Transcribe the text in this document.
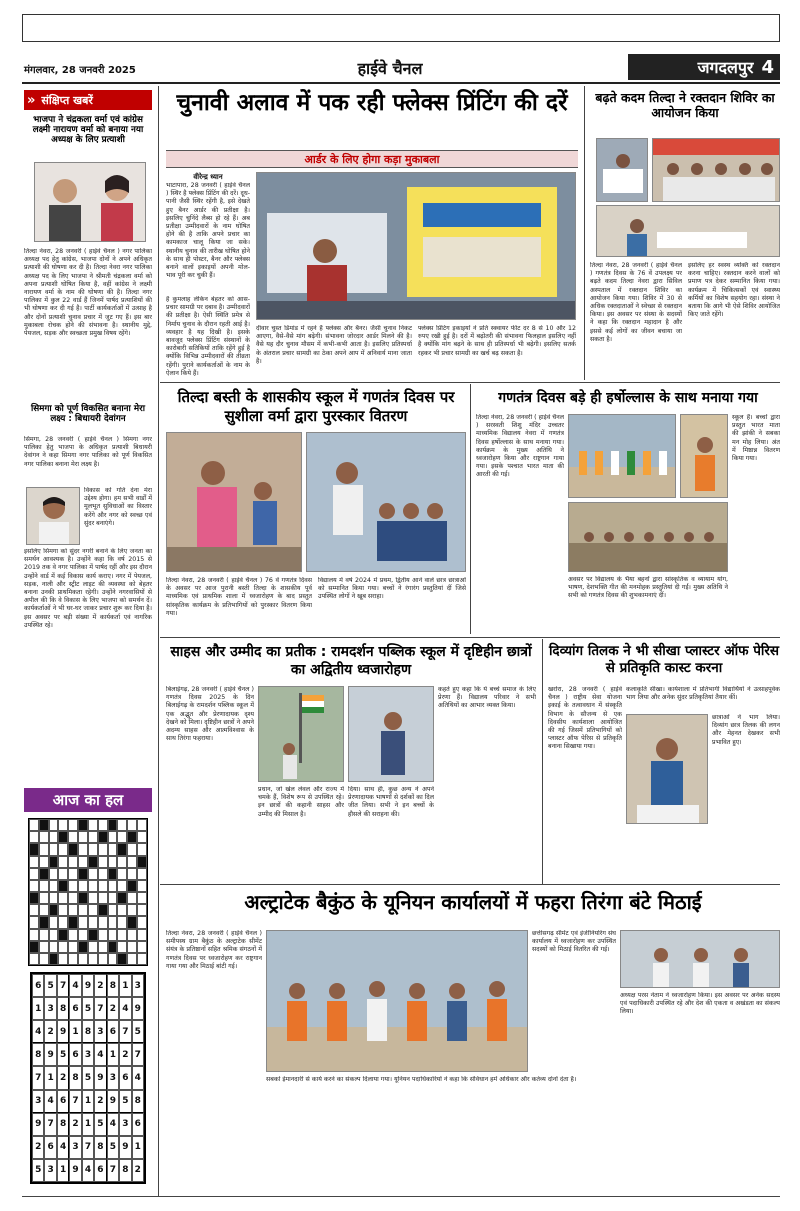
मंगलवार, 28 जनवरी 2025	हाईवे चैनल	जगदलपुर 4
» संक्षिप्त खबरें
भाजपा ने चंद्रकला वर्मा एवं कांग्रेस लक्ष्मी नारायण वर्मा को बनाया नया अध्यक्ष के लिए प्रत्याशी
तिल्दा नेवरा, 28 जनवरी ( हाईवे चैनल ) नगर पालिका अध्यक्ष पद हेतु कांग्रेस, भाजपा दोनों ने अपने अधिकृत प्रत्याशी की घोषणा कर दी है। तिल्दा नेवरा नगर पालिका अध्यक्ष पद के लिए भाजपा ने श्रीमती चंद्रकला वर्मा को अपना प्रत्याशी घोषित किया है, वहीं कांग्रेस ने लक्ष्मी नारायण वर्मा के नाम की घोषणा की है। तिल्दा नगर पालिका में कुल 22 वार्ड हैं जिनमें पार्षद प्रत्याशियों की भी घोषणा कर दी गई है। पार्टी कार्यकर्ताओं में उत्साह है और दोनों प्रत्याशी चुनाव प्रचार में जुट गए हैं। इस बार मुकाबला रोचक होने की संभावना है। स्थानीय मुद्दे, पेयजल, सड़क और स्वच्छता प्रमुख विषय रहेंगे।
सिमगा को पूर्ण विकसित बनाना मेरा लक्ष्य : बिधायरी देवांगन
सिमगा, 28 जनवरी ( हाईवे चैनल ) सिमगा नगर पालिका हेतु भाजपा के अधिकृत प्रत्याशी बिधायरी देवांगन ने कहा सिमगा नगर पालिका को पूर्ण विकसित नगर पालिका बनाना मेरा लक्ष्य है।
विकास को गति देना मेरा उद्देश्य होगा। हम सभी वार्डों में मूलभूत सुविधाओं का विस्तार करेंगे और नगर को स्वच्छ एवं सुंदर बनाएंगे।
इसलिए सिमगा को सुंदर नगरी बनाने के लिए जनता का समर्थन आवश्यक है। उन्होंने कहा कि वर्ष 2015 से 2019 तक वे नगर पालिका में पार्षद रहीं और इस दौरान उन्होंने वार्ड में कई विकास कार्य कराए। नगर में पेयजल, सड़क, नाली और स्ट्रीट लाइट की व्यवस्था को बेहतर बनाना उनकी प्राथमिकता रहेगी। उन्होंने नगरवासियों से अपील की कि वे विकास के लिए भाजपा को समर्थन दें। कार्यकर्ताओं ने भी घर-घर जाकर प्रचार शुरू कर दिया है। इस अवसर पर बड़ी संख्या में कार्यकर्ता एवं नागरिक उपस्थित रहे।
आज का हल
6 5 7 4 9 2 8 1 3
1 3 8 6 5 7 2 4 9
4 2 9 1 8 3 6 7 5
8 9 5 6 3 4 1 2 7
7 1 2 8 5 9 3 6 4
3 4 6 7 1 2 9 5 8
9 7 8 2 1 5 4 3 6
2 6 4 3 7 8 5 9 1
5 3 1 9 4 6 7 8 2
चुनावी अलाव में पक रही फ्लेक्स प्रिंटिंग की दरें
आर्डर के लिए होगा कड़ा मुकाबला
वीरेन्द्र ध्यान
भाटापारा, 28 जनवरी ( हाईवे चैनल ) स्थिर है फ्लेक्स प्रिंटिंग की दरें। दूध-पानी जैसी स्थिर रहेंगी है, इसे देखते हुए बैनर आर्डर की प्रतीक्षा है। इसलिए चुनिंदे लैब्स हो रहे हैं। अब प्रतीक्षा उम्मीदवारों के नाम घोषित होने की है ताकि अपने प्रचार का कामकाज चालू किया जा सके। स्थानीय चुनाव की तारीख घोषित होने के साथ ही पोस्टर, बैनर और फ्लेक्स बनाने वालों इकाइयों अपनी मोल-भाव पूरी कर चुकी हैं।
है कुमलाह लेकिन बेहतर को आस- प्रचार सामग्री पर दबाव है। उम्मीदवारों की प्रतीक्षा है। ऐसी स्थिति प्रमेत्र से निर्माय चुनाव के दौरान रहती आई है। व्यवहार है यह दिखी है। इसके बावजूद फ्लेक्स प्रिंटिंग संस्थानों के कारोबारी सतिकियों ताकि रहेंगे हुई है क्योंकि विभिन्न उम्मीदवारों की तीव्रता रहेंगी। पुराने कार्यकर्ताओं के नाम के ऐलान किये हैं।
दीवार चुस्त डिमांड में रहने हैं फ्लेक्स और बैनर। जैसी चुनाव निकट आएगा, वैसे-वैसे मांग बढ़ेगी। संभावना जोरदार आर्डर मिलने की है। वैसे यह दौर चुनाव मौसम में कभी-कभी आता है। इसलिए प्रतिस्पर्धा के अंतराल प्रचार सामग्री का ठेका अपने आप में अनिवार्य माना जाता है।
फ्लेक्स प्रिंटिंग इकाइयों ने प्रति स्क्वायर फीट दर 8 से 10 और 12 रुपए रखी हुई है। दरों में बढ़ोतरी की संभावना फिलहाल इसलिए नहीं है क्योंकि मांग बढ़ने के साथ ही प्रतिस्पर्धा भी बढ़ेगी। इसलिए सतर्क रहकर भी प्रचार सामग्री का खर्च बढ़ सकता है।
बढ़ते कदम तिल्दा ने रक्तदान शिविर का आयोजन किया
तिल्दा नेवरा, 28 जनवरी ( हाईवे चैनल ) गणतंत्र दिवस के 76 वें उपलक्ष्य पर बढ़ते कदम तिल्दा नेवरा द्वारा सिविल अस्पताल में रक्तदान शिविर का आयोजन किया गया। शिविर में 30 से अधिक रक्तदाताओं ने स्वेच्छा से रक्तदान किया। इस अवसर पर संस्था के सदस्यों ने कहा कि रक्तदान महादान है और इससे कई लोगों का जीवन बचाया जा सकता है।
इसलिए हर स्वस्थ व्यक्ति को रक्तदान करना चाहिए। रक्तदान करने वालों को प्रमाण पत्र देकर सम्मानित किया गया। कार्यक्रम में चिकित्सकों एवं स्वास्थ्य कर्मियों का विशेष सहयोग रहा। संस्था ने बताया कि आगे भी ऐसे शिविर आयोजित किए जाते रहेंगे।
तिल्दा बस्ती के शासकीय स्कूल में गणतंत्र दिवस पर सुशीला वर्मा द्वारा पुरस्कार वितरण
तिल्दा नेवरा, 28 जनवरी ( हाईवे चैनल ) 76 वें गणतंत्र दिवस के अवसर पर आज पुरानी बस्ती तिल्दा के शासकीय पूर्व माध्यमिक एवं प्राथमिक शाला में ध्वजारोहण के बाद प्रस्तुत सांस्कृतिक कार्यक्रम के प्रतिभागियों को पुरस्कार वितरण किया गया।
विद्यालय में वर्ष 2024 में प्रथम, द्वितीय आने वाले छात्र छात्राओं को सम्मानित किया गया। बच्चों ने रंगारंग प्रस्तुतियां दीं जिसे उपस्थित लोगों ने खूब सराहा।
गणतंत्र दिवस बड़े ही हर्षोल्लास के साथ मनाया गया
तिल्दा नेवरा, 28 जनवरी ( हाईवे चैनल ) सरस्वती शिशु मंदिर उच्चतर माध्यमिक विद्यालय नेवरा में गणतंत्र दिवस हर्षोल्लास के साथ मनाया गया। कार्यक्रम के मुख्य अतिथि ने ध्वजारोहण किया और राष्ट्रगान गाया गया। इसके पश्चात भारत माता की आरती की गई।
स्कूल हैं। बच्चों द्वारा प्रस्तुत भारत माता की झांकी ने सबका मन मोह लिया। अंत में मिष्ठान्न वितरण किया गया।
अवसर पर विद्यालय के भैया बहनों द्वारा सांस्कृतिक व व्यायाम योग, भाषण, देशभक्ति गीत की मनमोहक प्रस्तुतियां दी गईं। मुख्य अतिथि ने सभी को गणतंत्र दिवस की शुभकामनाएं दीं।
साहस और उम्मीद का प्रतीक : रामदर्शन पब्लिक स्कूल में दृष्टिहीन छात्रों का अद्वितीय ध्वजारोहण
बिलाईगढ़, 28 जनवरी ( हाईवे चैनल ) गणतंत्र दिवस 2025 के दिन बिलाईगढ़ के रामदर्शन पब्लिक स्कूल में एक अद्भुत और प्रेरणादायक दृश्य देखने को मिला। दृष्टिहीन छात्रों ने अपने अदम्य साहस और आत्मविश्वास के साथ तिरंगा फहराया।
प्रधान, जो खेल लेवल और राज्य में चमके हैं, विशेष रूप से उपस्थित रहे। इन छात्रों की कहानी साहस और उम्मीद की मिसाल है।
दिया। साथ ही, कुछ अन्य ने अपने प्रेरणादायक भाषणों से दर्शकों का दिल जीत लिया। सभी ने इन बच्चों के हौसले की सराहना की।
कहते हुए कहा कि ये बच्चे समाज के लिए प्रेरणा हैं। विद्यालय परिवार ने सभी अतिथियों का आभार व्यक्त किया।
दिव्यांग तिलक ने भी सीखा प्लास्टर ऑफ पेरिस से प्रतिकृति कास्ट करना
खरोरा, 28 जनवरी ( हाईवे चैनल ) राष्ट्रीय सेवा योजना इकाई के तत्वावधान में संस्कृति विभाग के सौजन्य से एक दिवसीय कार्यशाला आयोजित की गई जिसमें प्रतिभागियों को प्लास्टर ऑफ पेरिस से प्रतिकृति बनाना सिखाया गया।
कलाकृति सीखा। कार्यशाला में प्रतिभागी विद्यार्थियों ने उत्साहपूर्वक भाग लिया और अनेक सुंदर प्रतिकृतियां तैयार कीं।
छात्राओं ने भाग लिया। दिव्यांग छात्र तिलक की लगन और मेहनत देखकर सभी प्रभावित हुए।
अल्ट्राटेक बैकुंठ के यूनियन कार्यालयों में फहरा तिरंगा बंटे मिठाई
तिल्दा नेवरा, 28 जनवरी ( हाईवे चैनल ) समीपस्थ ग्राम बैकुंठ के अल्ट्राटेक सीमेंट संयंत्र के प्रतिष्ठानों सहित श्रमिक संगठनों में गणतंत्र दिवस पर ध्वजारोहण कर राष्ट्रगान गाया गया और मिठाई बांटी गई।
छत्तीसगढ़ सीमेंट एवं इंजीनियरिंग संघ कार्यालय में ध्वजारोहण कर उपस्थित सदस्यों को मिठाई वितरित की गई।
अध्यक्ष परस नेताम ने ध्वजारोहण किया। इस अवसर पर अनेक सदस्य एवं पदाधिकारी उपस्थित रहे और देश की एकता व अखंडता का संकल्प लिया।
सबको ईमानदारी से कार्य करने का संकल्प दिलाया गया। यूनियन पदाधिकारियों ने कहा कि संविधान हमें अधिकार और कर्तव्य दोनों देता है।
